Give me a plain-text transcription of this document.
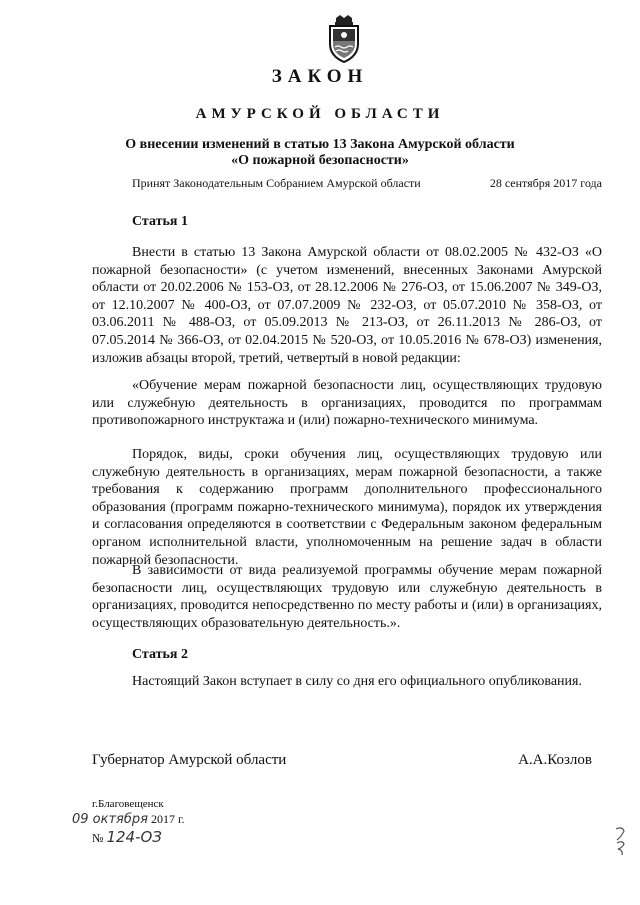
ЗАКОН
АМУРСКОЙ ОБЛАСТИ
О внесении изменений в статью 13 Закона Амурской области
«О пожарной безопасности»
Принят Законодательным Собранием Амурской области	28 сентября 2017 года
Статья 1

Внести в статью 13 Закона Амурской области от 08.02.2005 № 432-ОЗ «О пожарной безопасности» (с учетом изменений, внесенных Законами Амурской области от 20.02.2006 № 153-ОЗ, от 28.12.2006 № 276-ОЗ, от 15.06.2007 № 349-ОЗ, от 12.10.2007 № 400-ОЗ, от 07.07.2009 № 232-ОЗ, от 05.07.2010 № 358-ОЗ, от 03.06.2011 № 488-ОЗ, от 05.09.2013 № 213-ОЗ, от 26.11.2013 № 286-ОЗ, от 07.05.2014 № 366-ОЗ, от 02.04.2015 № 520-ОЗ, от 10.05.2016 № 678-ОЗ) изменения, изложив абзацы второй, третий, четвертый в новой редакции:

«Обучение мерам пожарной безопасности лиц, осуществляющих трудовую или служебную деятельность в организациях, проводится по программам противопожарного инструктажа и (или) пожарно-технического минимума.

Порядок, виды, сроки обучения лиц, осуществляющих трудовую или служебную деятельность в организациях, мерам пожарной безопасности, а также требования к содержанию программ дополнительного профессионального образования (программ пожарно-технического минимума), порядок их утверждения и согласования определяются в соответствии с Федеральным законом федеральным органом исполнительной власти, уполномоченным на решение задач в области пожарной безопасности.

В зависимости от вида реализуемой программы обучение мерам пожарной безопасности лиц, осуществляющих трудовую или служебную деятельность в организациях, проводится непосредственно по месту работы и (или) в организациях, осуществляющих образовательную деятельность.».

Статья 2

Настоящий Закон вступает в силу со дня его официального опубликования.

Губернатор Амурской области	А.А.Козлов
г.Благовещенск
09 октября 2017 г.
№ 124-ОЗ
